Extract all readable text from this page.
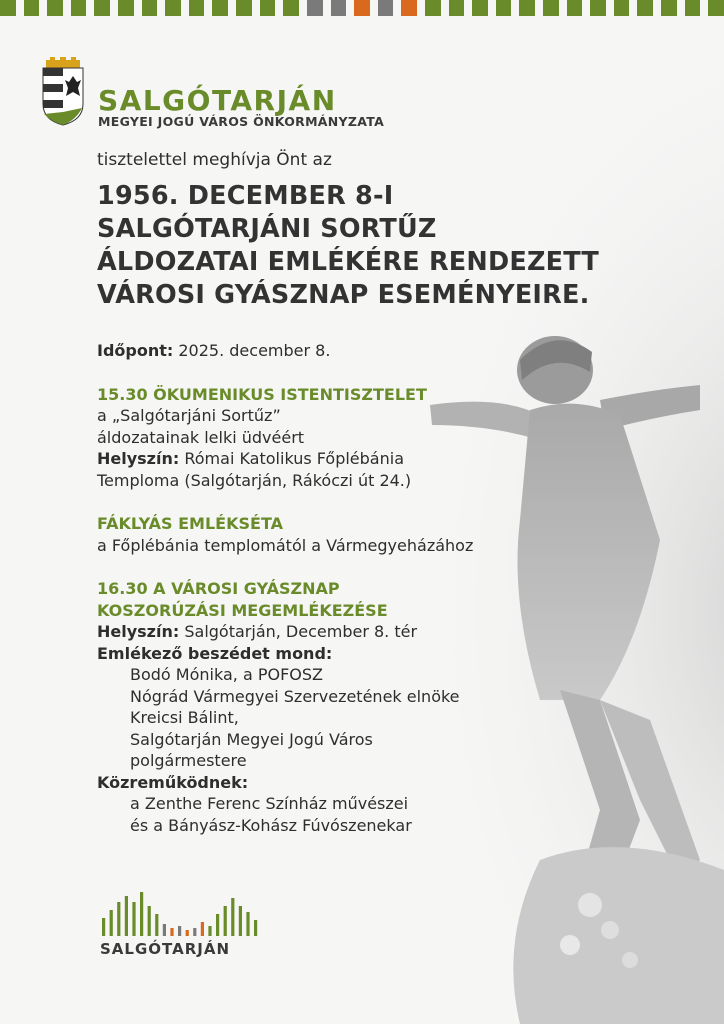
SALGÓTARJÁN
MEGYEI JOGÚ VÁROS ÖNKORMÁNYZATA

tisztelettel meghívja Önt az

1956. DECEMBER 8-I
SALGÓTARJÁNI SORTŰZ
ÁLDOZATAI EMLÉKÉRE RENDEZETT
VÁROSI GYÁSZNAP ESEMÉNYEIRE.

Időpont: 2025. december 8.

15.30 ÖKUMENIKUS ISTENTISZTELET

a „Salgótarjáni Sortűz”

áldozatainak lelki üdvéért

Helyszín: Római Katolikus Főplébánia

Temploma (Salgótarján, Rákóczi út 24.)

FÁKLYÁS EMLÉKSÉTA

a Főplébánia templomától a Vármegyeházához

16.30 A VÁROSI GYÁSZNAP

KOSZORÚZÁSI MEGEMLÉKEZÉSE

Helyszín: Salgótarján, December 8. tér

Emlékező beszédet mond:

Bodó Mónika, a POFOSZ

Nógrád Vármegyei Szervezetének elnöke

Kreicsi Bálint,

Salgótarján Megyei Jogú Város

polgármestere

Közreműködnek:

a Zenthe Ferenc Színház művészei

és a Bányász-Kohász Fúvószenekar

SALGÓTARJÁN
